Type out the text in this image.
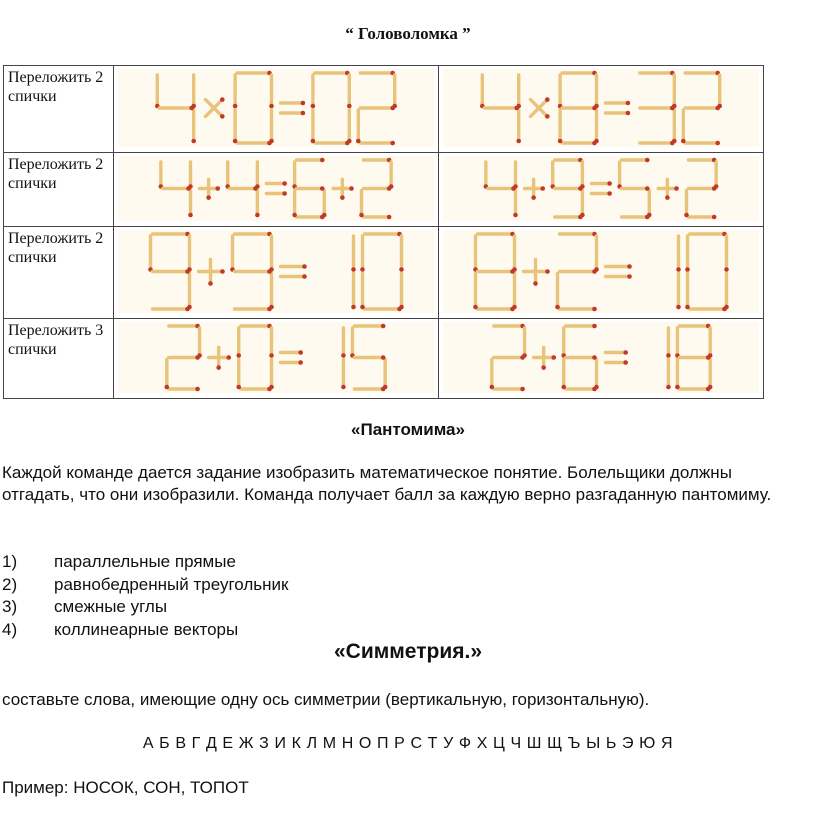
“ Головоломка ”
Переложить 2 спички	

Переложить 2 спички	

Переложить 2 спички	

Переложить 3 спички	

«Пантомима»

Каждой команде дается задание изобразить математическое понятие. Болельщики должны отгадать, что они изобразили. Команда получает балл за каждую верно разгаданную пантомиму.

1) параллельные прямые
2) равнобедренный треугольник
3) смежные углы
4) коллинеарные векторы
«Симметрия.»

составьте слова, имеющие одну ось симметрии (вертикальную, горизонтальную).

А Б В Г Д Е Ж З И К Л М Н О П Р С Т У Ф Х Ц Ч Ш Щ Ъ Ы Ь Э Ю Я

Пример: НОСОК, СОН, ТОПОТ
